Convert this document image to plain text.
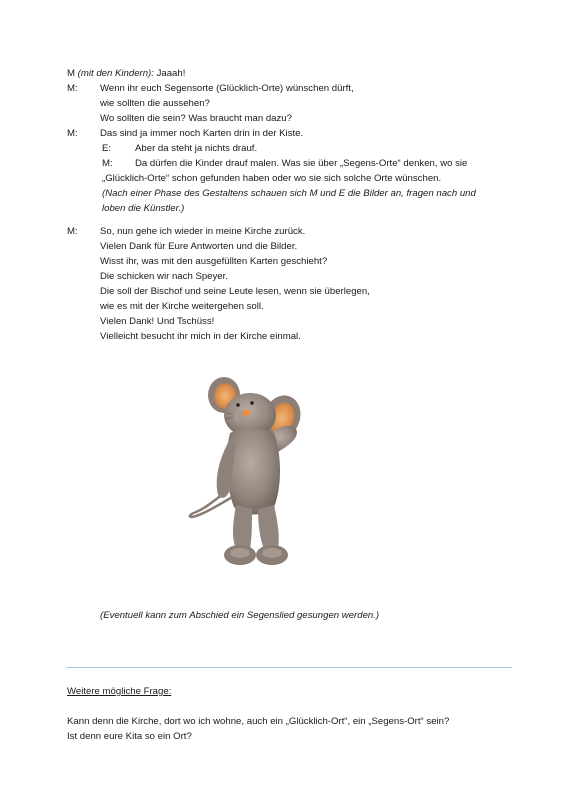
M (mit den Kindern): Jaaah!
M: Wenn ihr euch Segensorte (Glücklich-Orte) wünschen dürft,
wie sollten die aussehen?
Wo sollten die sein? Was braucht man dazu?
M: Das sind ja immer noch Karten drin in der Kiste.
E: Aber da steht ja nichts drauf.
M: Da dürfen die Kinder drauf malen. Was sie über „Segens-Orte“ denken, wo sie
„Glücklich-Orte“ schon gefunden haben oder wo sie sich solche Orte wünschen.
(Nach einer Phase des Gestaltens schauen sich M und E die Bilder an, fragen nach und
loben die Künstler.)
M: So, nun gehe ich wieder in meine Kirche zurück.
Vielen Dank für Eure Antworten und die Bilder.
Wisst ihr, was mit den ausgefüllten Karten geschieht?
Die schicken wir nach Speyer.
Die soll der Bischof und seine Leute lesen, wenn sie überlegen,
wie es mit der Kirche weitergehen soll.
Vielen Dank! Und Tschüss!
Vielleicht besucht ihr mich in der Kirche einmal.
(Eventuell kann zum Abschied ein Segenslied gesungen werden.)
Weitere mögliche Frage:
Kann denn die Kirche, dort wo ich wohne, auch ein „Glücklich-Ort“, ein „Segens-Ort“ sein?
Ist denn eure Kita so ein Ort?
